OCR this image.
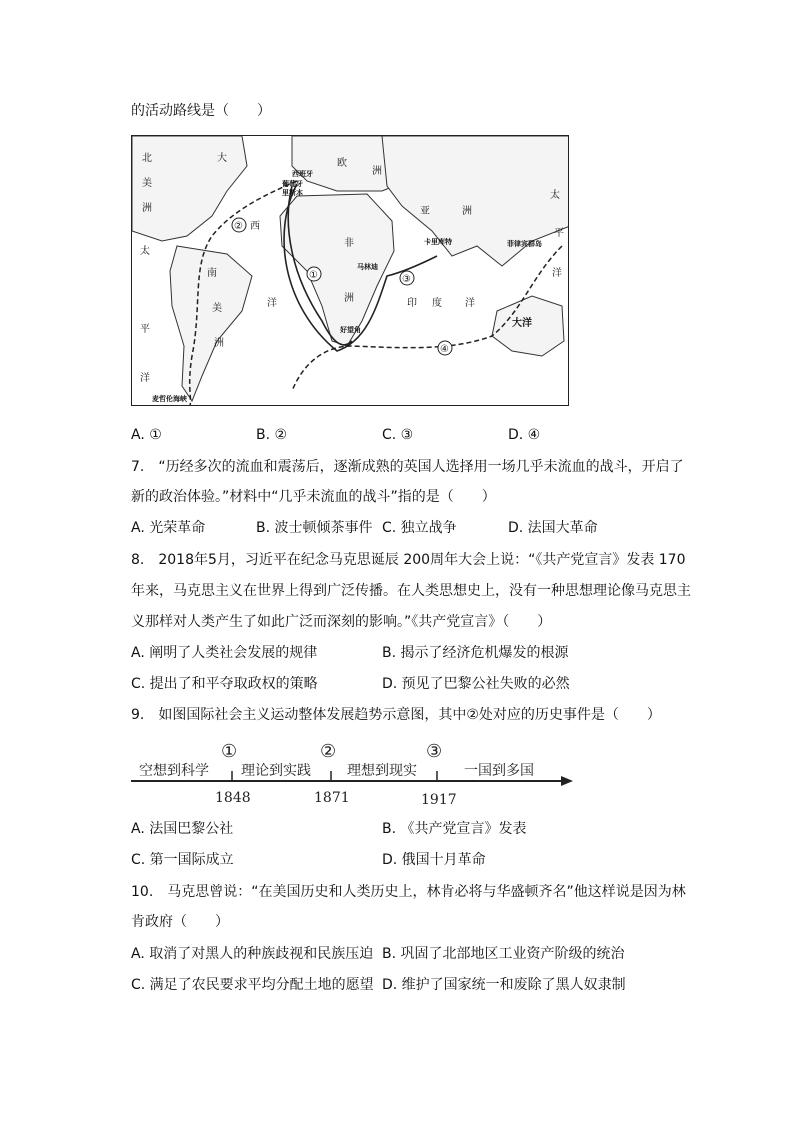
的活动路线是（　　）
北
美
洲
大
西
洋
欧
洲
亚	洲
非
洲
太
平
洋
太
平
洋
南
美
洲
印 度 洋
大洋
西班牙
葡萄牙
里斯本
卡里库特
马林迪
菲律宾群岛
好望角
麦哲伦海峡
②
①	③
④
A. ①	B. ②	C. ③	D. ④
7.　“历经多次的流血和震荡后，逐渐成熟的英国人选择用一场几乎未流血的战斗，开启了
新的政治体验。”材料中“几乎未流血的战斗”指的是（　　）
A. 光荣革命	B. 波士顿倾茶事件 C. 独立战争	D. 法国大革命
8.　2018年5月，习近平在纪念马克思诞辰 200周年大会上说：“《共产党宣言》发表 170
年来，马克思主义在世界上得到广泛传播。在人类思想史上，没有一种思想理论像马克思主
义那样对人类产生了如此广泛而深刻的影响。”《共产党宣言》（　　）
A. 阐明了人类社会发展的规律	B. 揭示了经济危机爆发的根源
C. 提出了和平夺取政权的策略	D. 预见了巴黎公社失败的必然
9.　如图国际社会主义运动整体发展趋势示意图，其中②处对应的历史事件是（　　）
①	②	③
空想到科学 理论到实践	理想到现实	一国到多国
1848	1871	1917
A. 法国巴黎公社	B. 《共产党宣言》发表
C. 第一国际成立	D. 俄国十月革命
10.　马克思曾说：“在美国历史和人类历史上，林肯必将与华盛顿齐名”他这样说是因为林
肯政府（　　）
A. 取消了对黑人的种族歧视和民族压迫 B. 巩固了北部地区工业资产阶级的统治
C. 满足了农民要求平均分配土地的愿望 D. 维护了国家统一和废除了黑人奴隶制
